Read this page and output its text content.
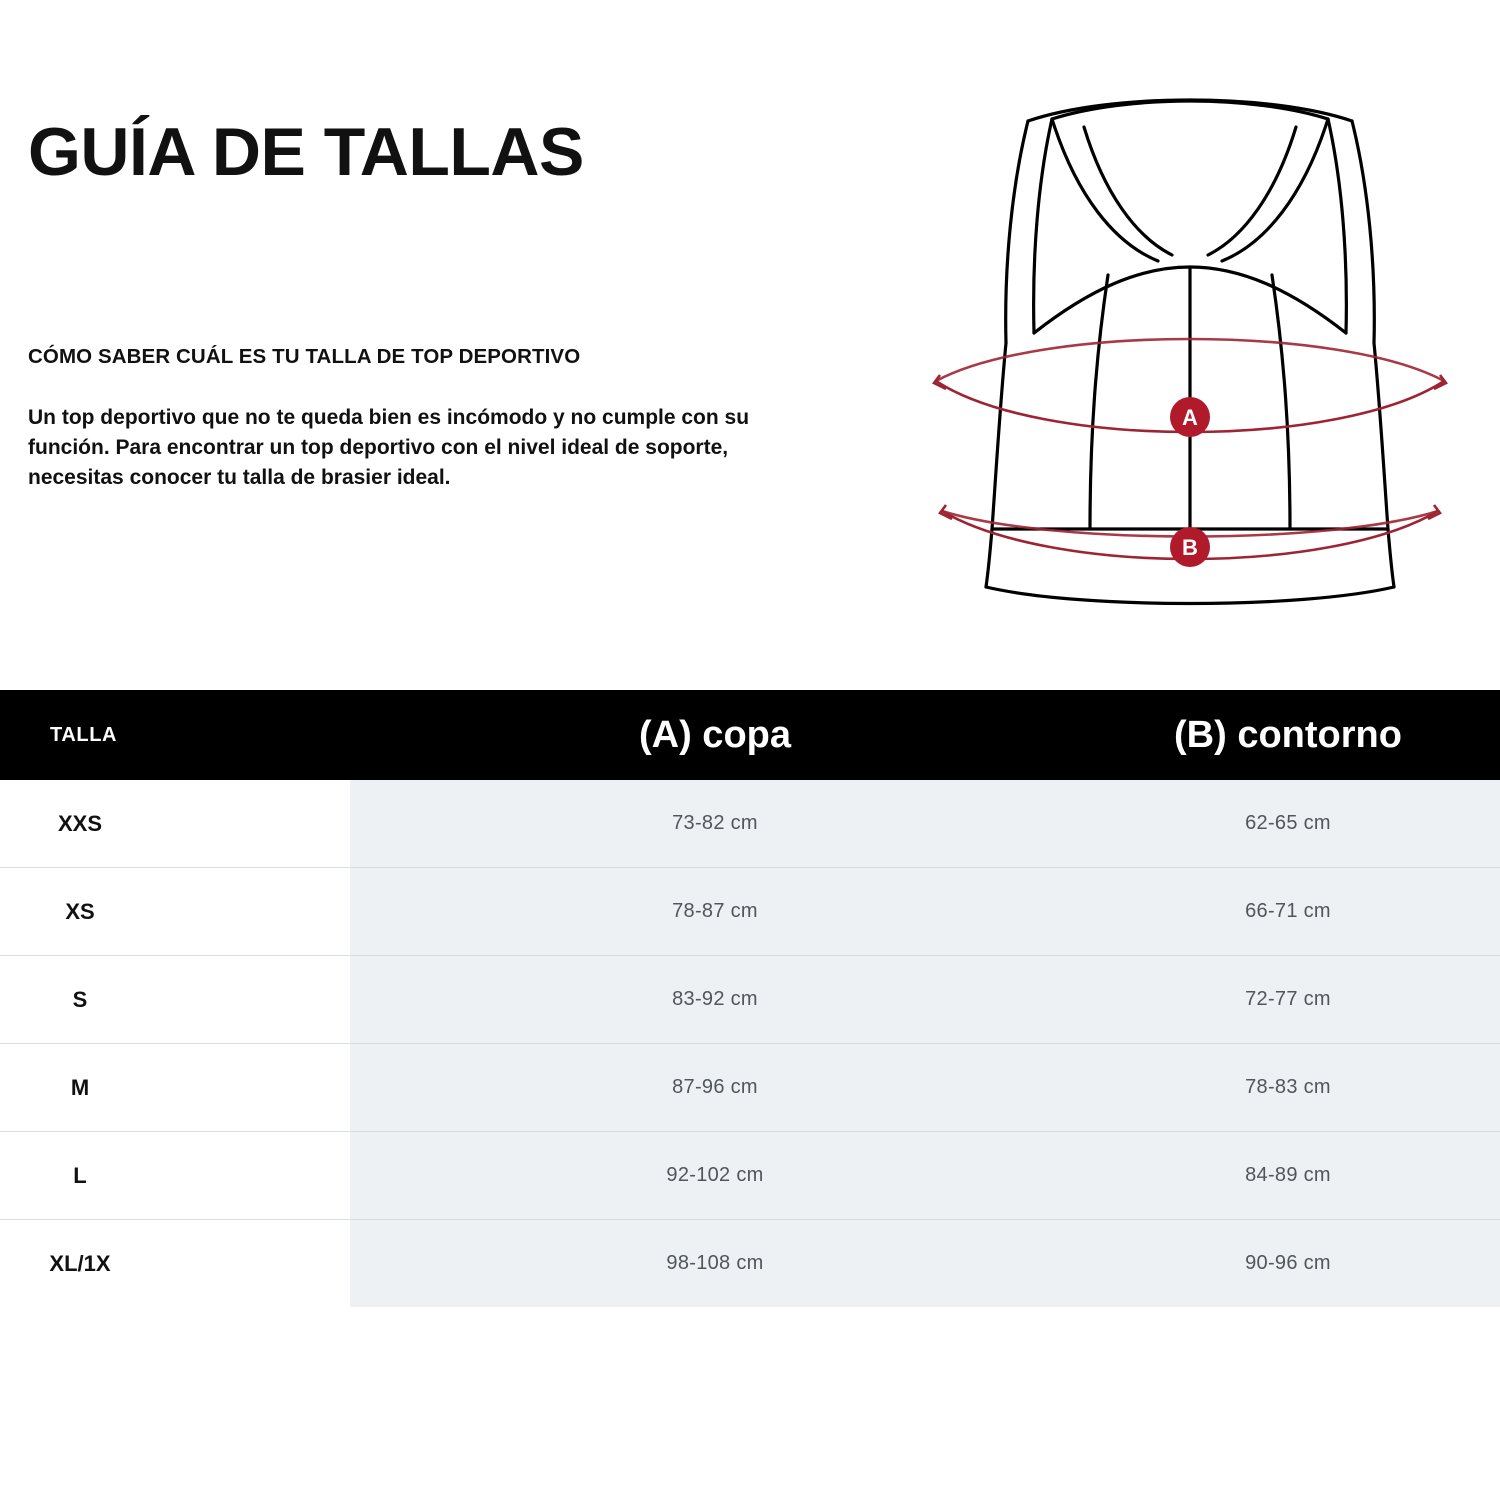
GUÍA DE TALLAS
CÓMO SABER CUÁL ES TU TALLA DE TOP DEPORTIVO
Un top deportivo que no te queda bien es incómodo y no cumple con su función. Para encontrar un top deportivo con el nivel ideal de soporte, necesitas conocer tu talla de brasier ideal.
A
B
TALLA	(A) copa	(B) contorno
XXS	73-82 cm	62-65 cm
XS	78-87 cm	66-71 cm
S	83-92 cm	72-77 cm
M	87-96 cm	78-83 cm
L	92-102 cm	84-89 cm
XL/1X	98-108 cm	90-96 cm
